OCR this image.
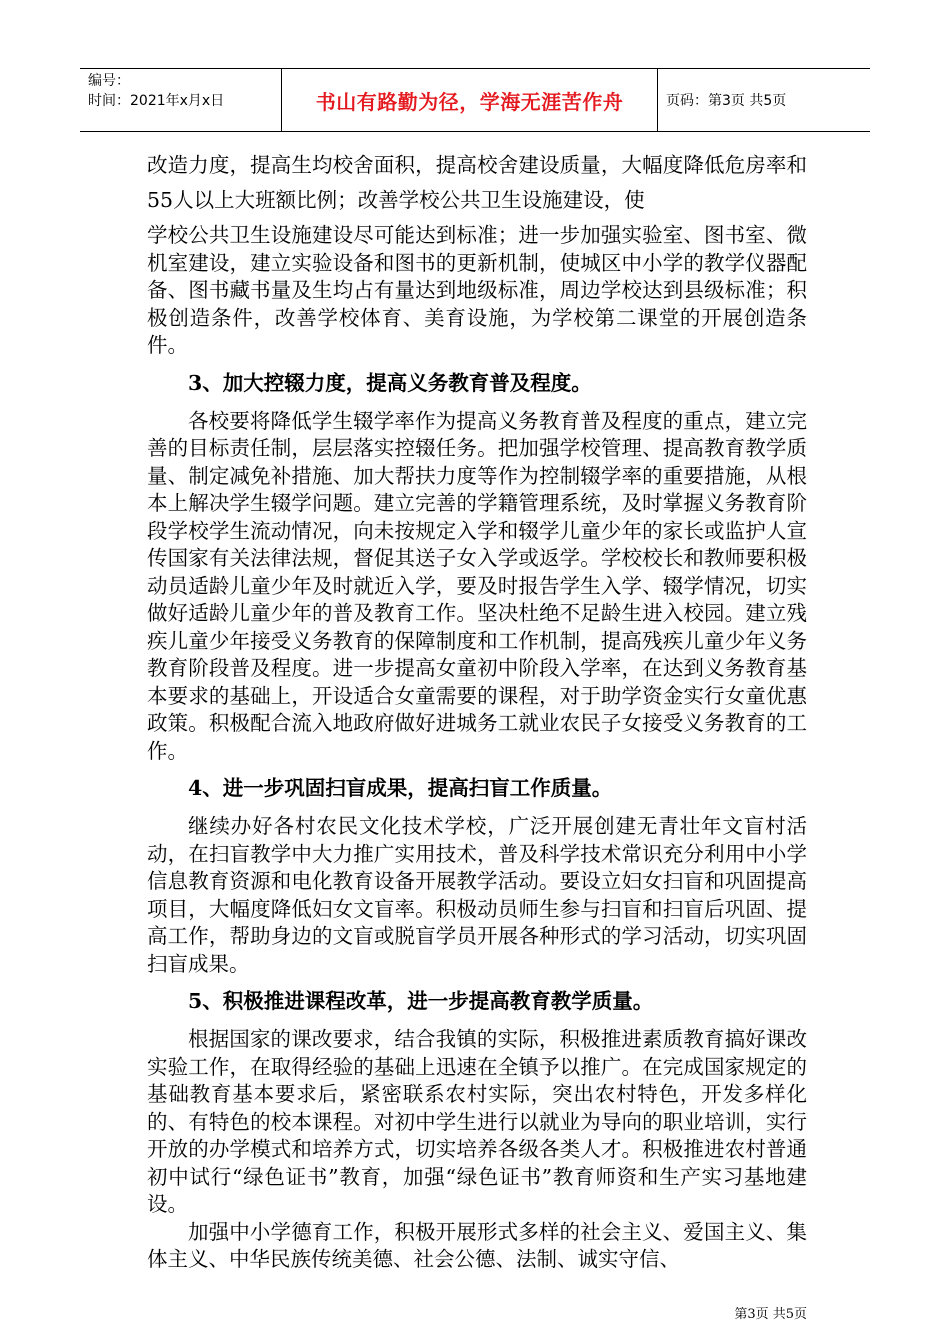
编号：
时间：2021年x月x日	书山有路勤为径，学海无涯苦作舟	页码：第3页 共5页

改造力度，提高生均校舍面积，提高校舍建设质量，大幅度降低危房率和55人以上大班额比例；改善学校公共卫生设施建设，使

学校公共卫生设施建设尽可能达到标准；进一步加强实验室、图书室、微机室建设，建立实验设备和图书的更新机制，使城区中小学的教学仪器配备、图书藏书量及生均占有量达到地级标准，周边学校达到县级标准；积极创造条件，改善学校体育、美育设施，为学校第二课堂的开展创造条件。

3、加大控辍力度，提高义务教育普及程度。

各校要将降低学生辍学率作为提高义务教育普及程度的重点，建立完善的目标责任制，层层落实控辍任务。把加强学校管理、提高教育教学质量、制定减免补措施、加大帮扶力度等作为控制辍学率的重要措施，从根本上解决学生辍学问题。建立完善的学籍管理系统，及时掌握义务教育阶段学校学生流动情况，向未按规定入学和辍学儿童少年的家长或监护人宣传国家有关法律法规，督促其送子女入学或返学。学校校长和教师要积极动员适龄儿童少年及时就近入学，要及时报告学生入学、辍学情况，切实做好适龄儿童少年的普及教育工作。坚决杜绝不足龄生进入校园。建立残疾儿童少年接受义务教育的保障制度和工作机制，提高残疾儿童少年义务教育阶段普及程度。进一步提高女童初中阶段入学率，在达到义务教育基本要求的基础上，开设适合女童需要的课程，对于助学资金实行女童优惠政策。积极配合流入地政府做好进城务工就业农民子女接受义务教育的工作。

4、进一步巩固扫盲成果，提高扫盲工作质量。

继续办好各村农民文化技术学校，广泛开展创建无青壮年文盲村活动，在扫盲教学中大力推广实用技术，普及科学技术常识充分利用中小学信息教育资源和电化教育设备开展教学活动。要设立妇女扫盲和巩固提高项目，大幅度降低妇女文盲率。积极动员师生参与扫盲和扫盲后巩固、提高工作，帮助身边的文盲或脱盲学员开展各种形式的学习活动，切实巩固扫盲成果。

5、积极推进课程改革，进一步提高教育教学质量。

根据国家的课改要求，结合我镇的实际，积极推进素质教育搞好课改实验工作，在取得经验的基础上迅速在全镇予以推广。在完成国家规定的基础教育基本要求后，紧密联系农村实际，突出农村特色，开发多样化的、有特色的校本课程。对初中学生进行以就业为导向的职业培训，实行开放的办学模式和培养方式，切实培养各级各类人才。积极推进农村普通初中试行“绿色证书”教育，加强“绿色证书”教育师资和生产实习基地建设。

加强中小学德育工作，积极开展形式多样的社会主义、爱国主义、集体主义、中华民族传统美德、社会公德、法制、诚实守信、

第3页 共5页
